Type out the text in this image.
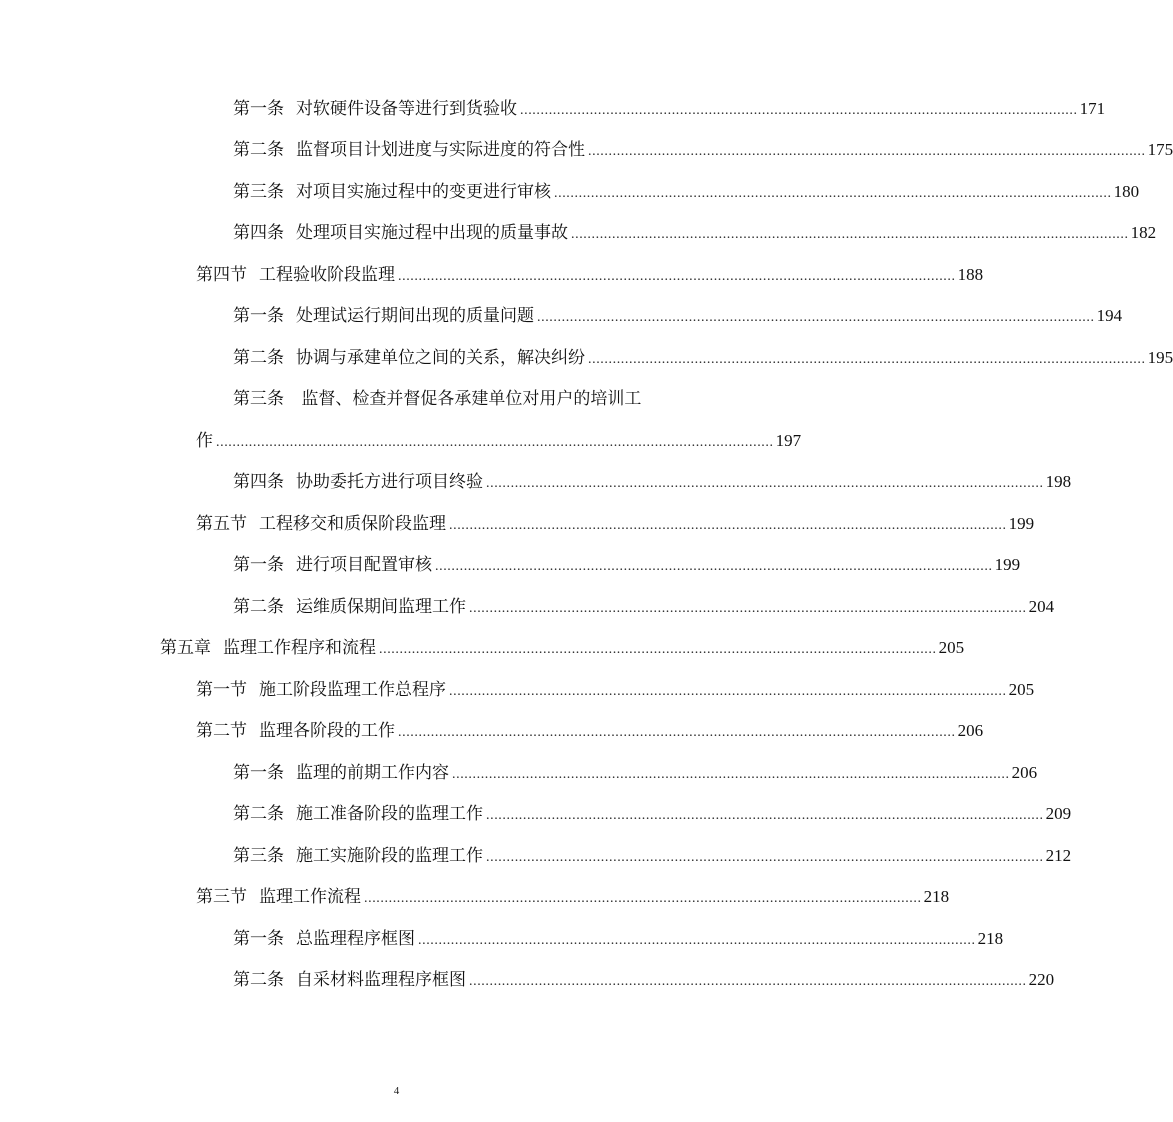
第一条 对软硬件设备等进行到货验收 ........................................................................................................................................ 171
第二条 监督项目计划进度与实际进度的符合性 ........................................................................................................................................ 175
第三条 对项目实施过程中的变更进行审核 ........................................................................................................................................ 180
第四条 处理项目实施过程中出现的质量事故 ........................................................................................................................................ 182
第四节 工程验收阶段监理 ........................................................................................................................................ 188
第一条 处理试运行期间出现的质量问题 ........................................................................................................................................ 194
第二条 协调与承建单位之间的关系，解决纠纷 ........................................................................................................................................ 195
第三条 监督、检查并督促各承建单位对用户的培训工
作 ........................................................................................................................................ 197
第四条 协助委托方进行项目终验 ........................................................................................................................................ 198
第五节 工程移交和质保阶段监理 ........................................................................................................................................ 199
第一条 进行项目配置审核 ........................................................................................................................................ 199
第二条 运维质保期间监理工作 ........................................................................................................................................ 204
第五章 监理工作程序和流程 ........................................................................................................................................ 205
第一节 施工阶段监理工作总程序 ........................................................................................................................................ 205
第二节 监理各阶段的工作 ........................................................................................................................................ 206
第一条 监理的前期工作内容 ........................................................................................................................................ 206
第二条 施工准备阶段的监理工作 ........................................................................................................................................ 209
第三条 施工实施阶段的监理工作 ........................................................................................................................................ 212
第三节 监理工作流程 ........................................................................................................................................ 218
第一条 总监理程序框图 ........................................................................................................................................ 218
第二条 自采材料监理程序框图 ........................................................................................................................................ 220
4
